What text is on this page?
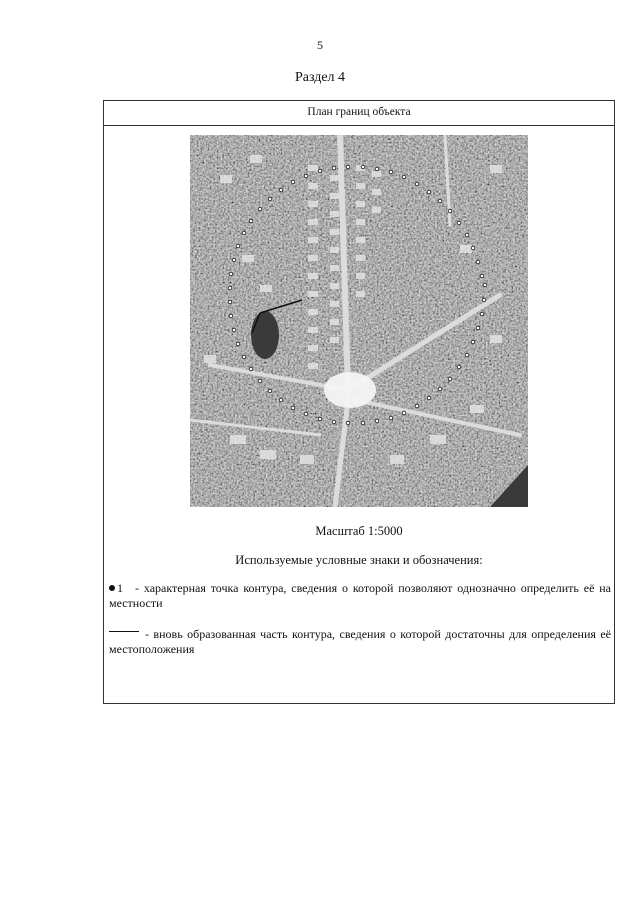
5
Раздел 4
План границ объекта
Масштаб 1:5000
Используемые условные знаки и обозначения:
1 - характерная точка контура, сведения о которой позволяют однозначно определить её на местности
- вновь образованная часть контура, сведения о которой достаточны для определения её местоположения
